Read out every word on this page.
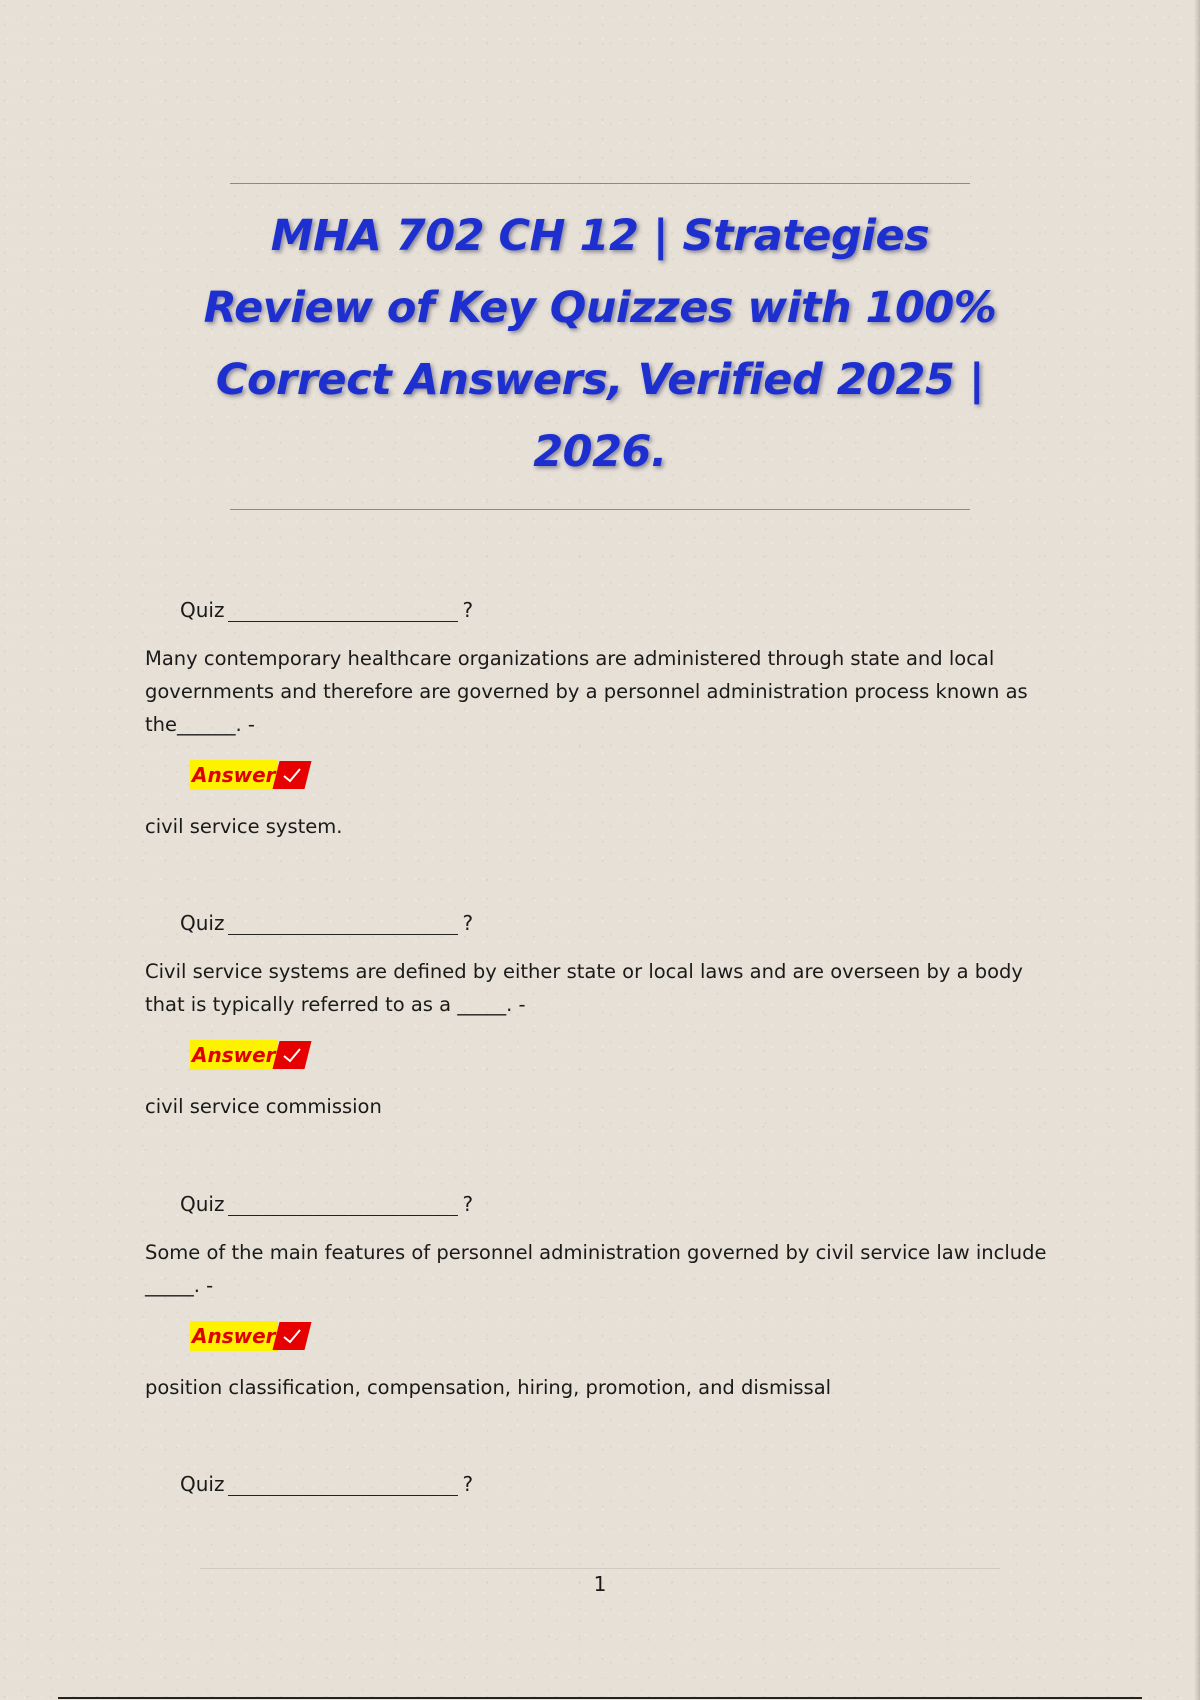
MHA 702 CH 12 | Strategies
Review of Key Quizzes with 100%
Correct Answers, Verified 2025 |
2026.
Quiz	?

Many contemporary healthcare organizations are administered through state and local governments and therefore are governed by a personnel administration process known as the______. -

Answer

civil service system.

Quiz	?

Civil service systems are defined by either state or local laws and are overseen by a body that is typically referred to as a _____. -

Answer

civil service commission

Quiz	?

Some of the main features of personnel administration governed by civil service law include _____. -

Answer

position classification, compensation, hiring, promotion, and dismissal

Quiz	?
1
